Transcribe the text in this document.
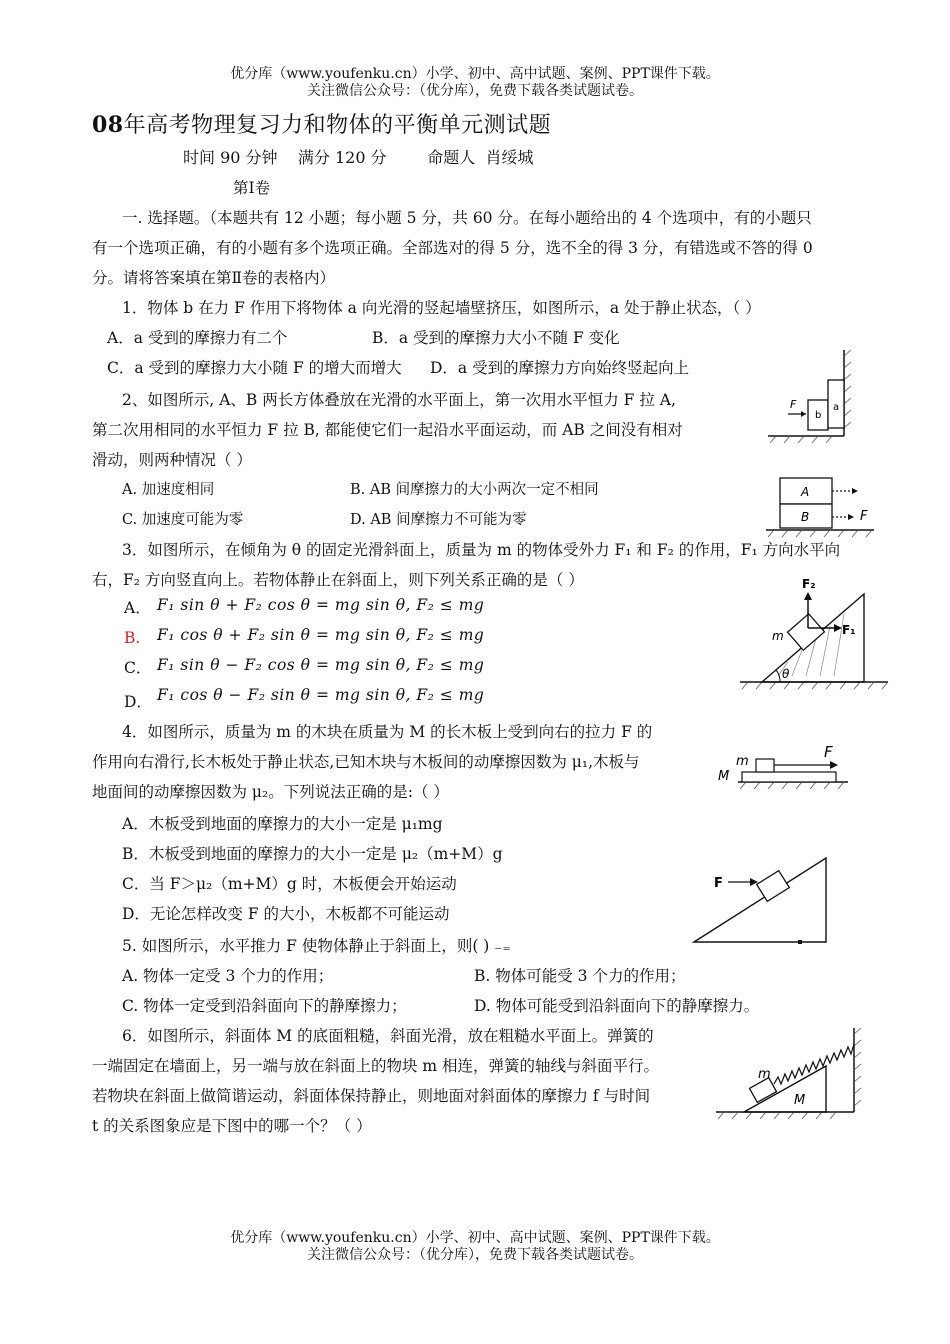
优分库（www.youfenku.cn）小学、初中、高中试题、案例、PPT课件下载。
关注微信公众号：（优分库），免费下载各类试题试卷。
08年高考物理复习力和物体的平衡单元测试题
时间 90 分钟    满分 120 分        命题人  肖绥城
第Ⅰ卷
一. 选择题。（本题共有 12 小题；每小题 5 分，共 60 分。在每小题给出的 4 个选项中，有的小题只
有一个选项正确，有的小题有多个选项正确。全部选对的得 5 分，选不全的得 3 分，有错选或不答的得 0
分。请将答案填在第Ⅱ卷的表格内）
1．物体 b 在力 F 作用下将物体 a 向光滑的竖起墙壁挤压，如图所示，a 处于静止状态，（ ）
A．a 受到的摩擦力有二个	B．a 受到的摩擦力大小不随 F 变化
C．a 受到的摩擦力大小随 F 的增大而增大 D．a 受到的摩擦力方向始终竖起向上
F
b
a
2、如图所示, A、B 两长方体叠放在光滑的水平面上，第一次用水平恒力 F 拉 A,
第二次用相同的水平恒力 F 拉 B, 都能使它们一起沿水平面运动，而 AB 之间没有相对
滑动，则两种情况（ ）
A. 加速度相同	B. AB 间摩擦力的大小两次一定不相同
C. 加速度可能为零	D. AB 间摩擦力不可能为零
A
B	F
3．如图所示，在倾角为 θ 的固定光滑斜面上，质量为 m 的物体受外力 F₁ 和 F₂ 的作用，F₁ 方向水平向
右，F₂ 方向竖直向上。若物体静止在斜面上，则下列关系正确的是（ ）
A． F₁ sin θ + F₂ cos θ = mg sin θ, F₂ ≤ mg
B. F₁ cos θ + F₂ sin θ = mg sin θ, F₂ ≤ mg
C． F₁ sin θ − F₂ cos θ = mg sin θ, F₂ ≤ mg
D． F₁ cos θ − F₂ sin θ = mg sin θ, F₂ ≤ mg
F₂
F₁
m
θ
4．如图所示，质量为 m 的木块在质量为 M 的长木板上受到向右的拉力 F 的
作用向右滑行,长木板处于静止状态,已知木块与木板间的动摩擦因数为 μ₁,木板与
地面间的动摩擦因数为 μ₂。下列说法正确的是:（ ）
A．木板受到地面的摩擦力的大小一定是 μ₁mg
B．木板受到地面的摩擦力的大小一定是 μ₂（m+M）g
C．当 F＞μ₂（m+M）g 时，木板便会开始运动
D．无论怎样改变 F 的大小，木板都不可能运动
m
M
F
5. 如图所示，水平推力 F 使物体静止于斜面上，则( ) ₋₌
A. 物体一定受 3 个力的作用；	B. 物体可能受 3 个力的作用；
C. 物体一定受到沿斜面向下的静摩擦力；	D. 物体可能受到沿斜面向下的静摩擦力。
F
6．如图所示，斜面体 M 的底面粗糙，斜面光滑，放在粗糙水平面上。弹簧的
一端固定在墙面上，另一端与放在斜面上的物块 m 相连，弹簧的轴线与斜面平行。
若物块在斜面上做简谐运动，斜面体保持静止，则地面对斜面体的摩擦力 f 与时间
t 的关系图象应是下图中的哪一个？（ ）
m
M
优分库（www.youfenku.cn）小学、初中、高中试题、案例、PPT课件下载。
关注微信公众号：（优分库），免费下载各类试题试卷。
